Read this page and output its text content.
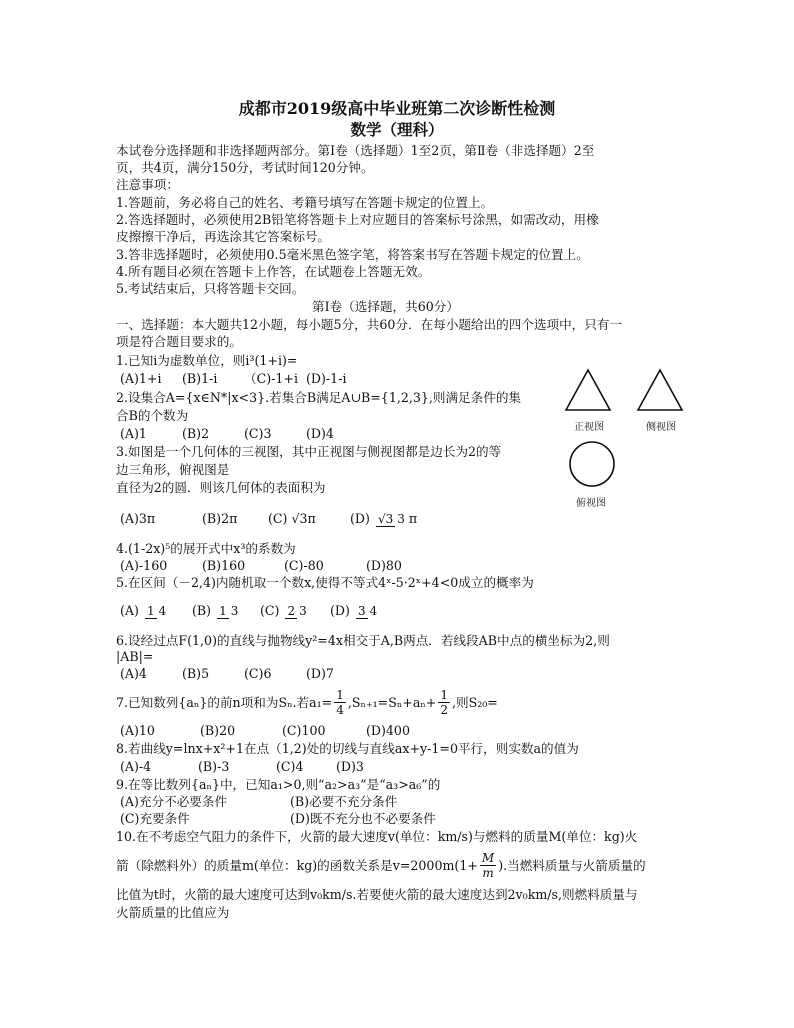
成都市2019级高中毕业班第二次诊断性检测
数学（理科）
本试卷分选择题和非选择题两部分。第Ⅰ卷（选择题）1至2页，第Ⅱ卷（非选择题）2至
页，共4页，满分150分，考试时间120分钟。
注意事项：
1.答题前，务必将自己的姓名、考籍号填写在答题卡规定的位置上。
2.答选择题时，必须使用2B铅笔将答题卡上对应题目的答案标号涂黑，如需改动，用橡
皮擦擦干净后，再选涂其它答案标号。
3.答非选择题时，必须使用0.5毫米黑色签字笔，将答案书写在答题卡规定的位置上。
4.所有题目必须在答题卡上作答，在试题卷上答题无效。
5.考试结束后，只将答题卡交回。
第Ⅰ卷（选择题，共60分）
一、选择题：本大题共12小题，每小题5分，共60分．在每小题给出的四个选项中，只有一
项是符合题目要求的。
1.已知i为虚数单位，则i³(1+i)=
(A)1+i (B)1-i （C)-1+i (D)-1-i
2.设集合A={x∈N*|x<3}.若集合B满足A∪B={1,2,3},则满足条件的集
合B的个数为
(A)1	(B)2	(C)3	(D)4
3.如图是一个几何体的三视图，其中正视图与侧视图都是边长为2的等
边三角形，俯视图是
直径为2的圆．则该几何体的表面积为
(A)3π	(B)2π	(C) √3π	(D) √3 3 π
4.(1-2x)⁵的展开式中x³的系数为
(A)-160	(B)160	(C)-80	(D)80
5.在区间（－2,4)内随机取一个数x,使得不等式4ˣ-5·2ˣ+4<0成立的概率为
(A) 1 4	(B) 1 3	(C) 2 3	(D) 3 4
6.设经过点F(1,0)的直线与抛物线y²=4x相交于A,B两点．若线段AB中点的横坐标为2,则
|AB|=
(A)4	(B)5	(C)6	(D)7
7.已知数列{aₙ}的前n项和为Sₙ.若$a_1= \frac{1}{4} ,S_{n+1}=S_n+a_n+ \frac{1}{2}$ ,则S₂₀=
(A)10	(B)20	(C)100	(D)400
8.若曲线y=lnx+x²+1在点（1,2)处的切线与直线ax+y-1=0平行，则实数a的值为
(A)-4	(B)-3	(C)4	(D)3
9.在等比数列{aₙ}中，已知a₁>0,则“a₂>a₃”是“a₃>a₆”的
(A)充分不必要条件	(B)必要不充分条件
(C)充要条件	(D)既不充分也不必要条件
10.在不考虑空气阻力的条件下，火箭的最大速度v(单位：km/s)与燃料的质量M(单位：kg)火
箭（除燃料外）的质量m(单位：kg)的函数关系是$v=2000m(1+ \frac{M}{m}$ ).当燃料质量与火箭质量的
比值为t时，火箭的最大速度可达到v₀km/s.若要使火箭的最大速度达到2v₀km/s,则燃料质量与
火箭质量的比值应为
正视图	侧视图
俯视图
